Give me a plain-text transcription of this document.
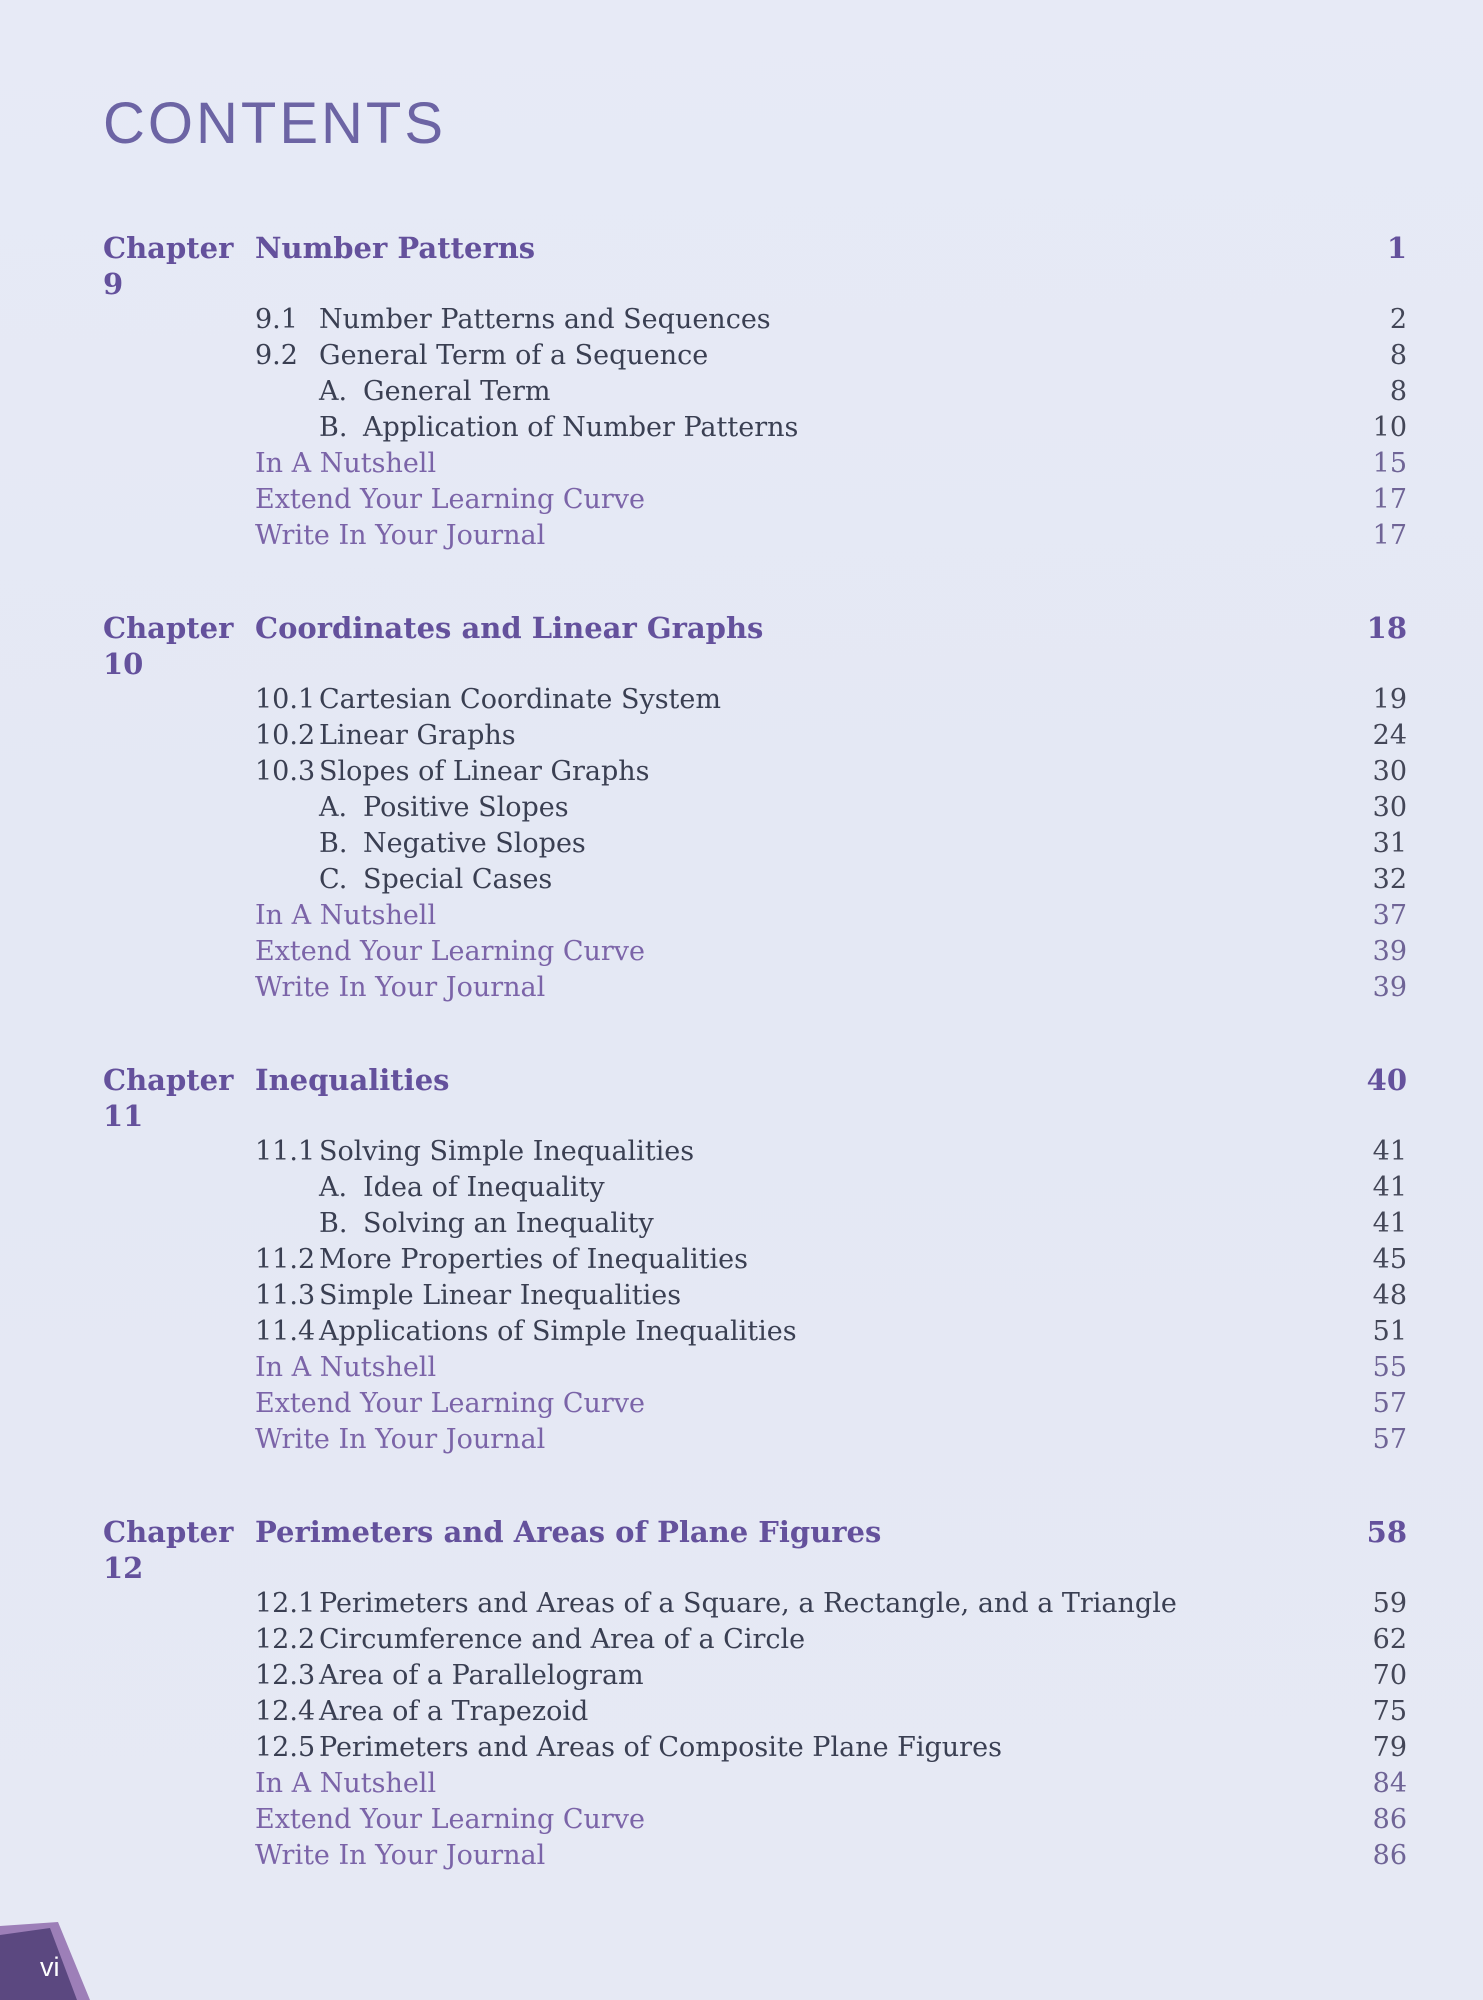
CONTENTS
Chapter 9
Number Patterns	1
9.1 Number Patterns and Sequences	2
9.2 General Term of a Sequence	8
A. General Term	8
B. Application of Number Patterns	10
In A Nutshell	15
Extend Your Learning Curve	17
Write In Your Journal	17
Chapter 10
Coordinates and Linear Graphs	18
10.1 Cartesian Coordinate System	19
10.2 Linear Graphs	24
10.3 Slopes of Linear Graphs	30
A. Positive Slopes	30
B. Negative Slopes	31
C. Special Cases	32
In A Nutshell	37
Extend Your Learning Curve	39
Write In Your Journal	39
Chapter 11
Inequalities	40
11.1 Solving Simple Inequalities	41
A. Idea of Inequality	41
B. Solving an Inequality	41
11.2 More Properties of Inequalities	45
11.3 Simple Linear Inequalities	48
11.4 Applications of Simple Inequalities	51
In A Nutshell	55
Extend Your Learning Curve	57
Write In Your Journal	57
Chapter 12
Perimeters and Areas of Plane Figures	58
12.1 Perimeters and Areas of a Square, a Rectangle, and a Triangle	59
12.2 Circumference and Area of a Circle	62
12.3 Area of a Parallelogram	70
12.4 Area of a Trapezoid	75
12.5 Perimeters and Areas of Composite Plane Figures	79
In A Nutshell	84
Extend Your Learning Curve	86
Write In Your Journal	86
vi
